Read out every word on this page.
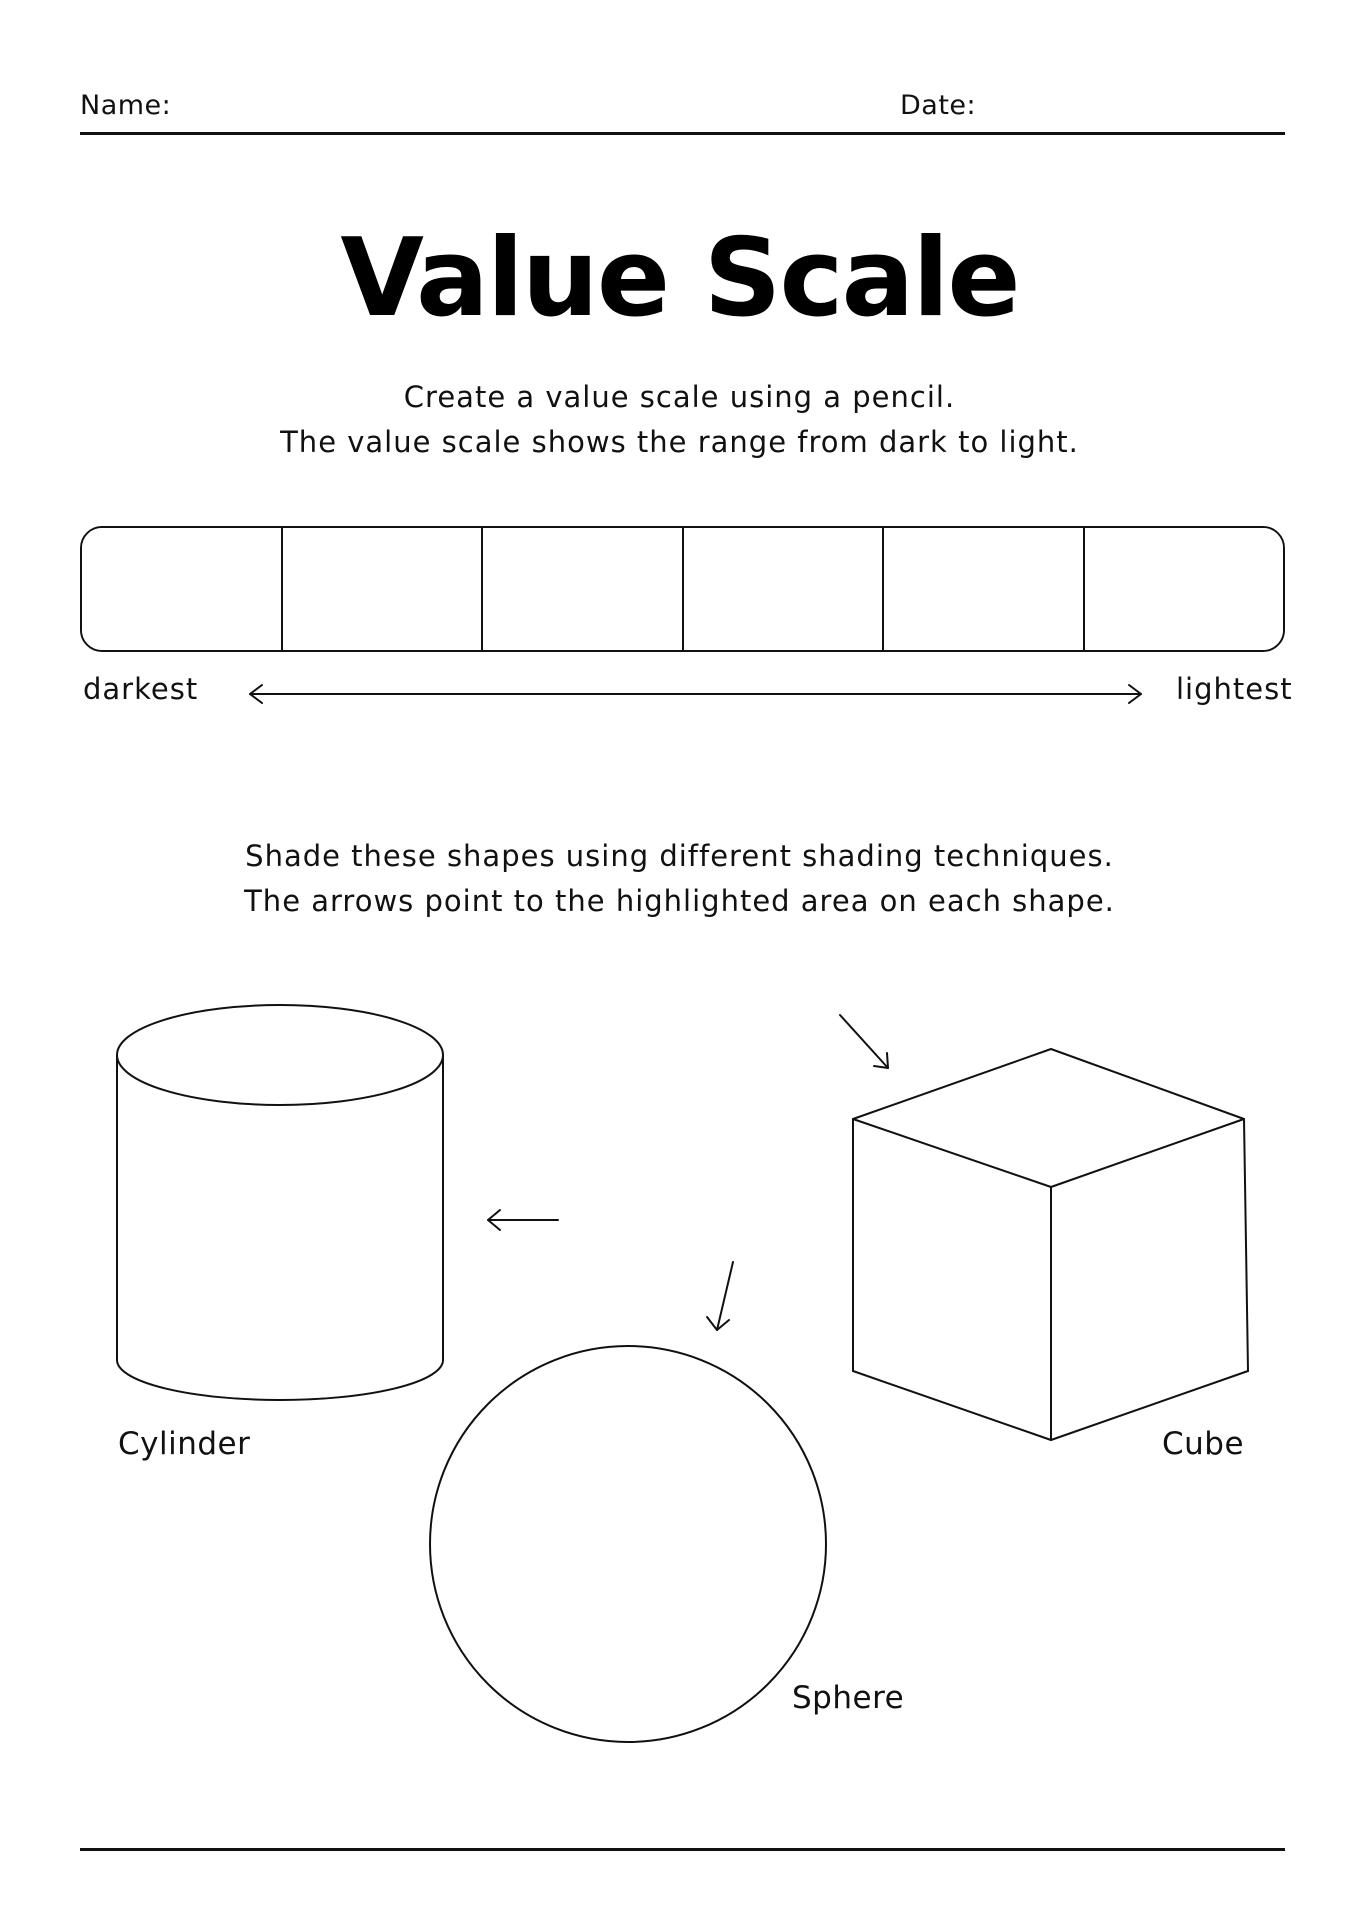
Name:	Date:
Value Scale
Create a value scale using a pencil.
The value scale shows the range from dark to light.
darkest	lightest
Shade these shapes using different shading techniques.
The arrows point to the highlighted area on each shape.
Cylinder	Cube
Sphere
